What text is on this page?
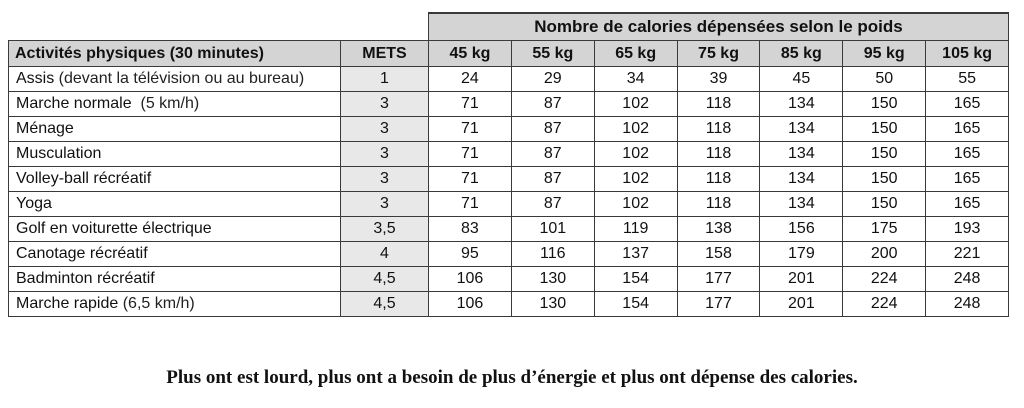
		Nombre de calories dépensées selon le poids						
Activités physiques (30 minutes)	METS	45 kg	55 kg	65 kg	75 kg	85 kg	95 kg	105 kg
Assis (devant la télévision ou au bureau)	1	24	29	34	39	45	50	55
Marche normale  (5 km/h)	3	71	87	102	118	134	150	165
Ménage	3	71	87	102	118	134	150	165
Musculation	3	71	87	102	118	134	150	165
Volley-ball récréatif	3	71	87	102	118	134	150	165
Yoga	3	71	87	102	118	134	150	165
Golf en voiturette électrique	3,5	83	101	119	138	156	175	193
Canotage récréatif	4	95	116	137	158	179	200	221
Badminton récréatif	4,5	106	130	154	177	201	224	248
Marche rapide (6,5 km/h)	4,5	106	130	154	177	201	224	248
Plus ont est lourd, plus ont a besoin de plus d’énergie et plus ont dépense des calories.
